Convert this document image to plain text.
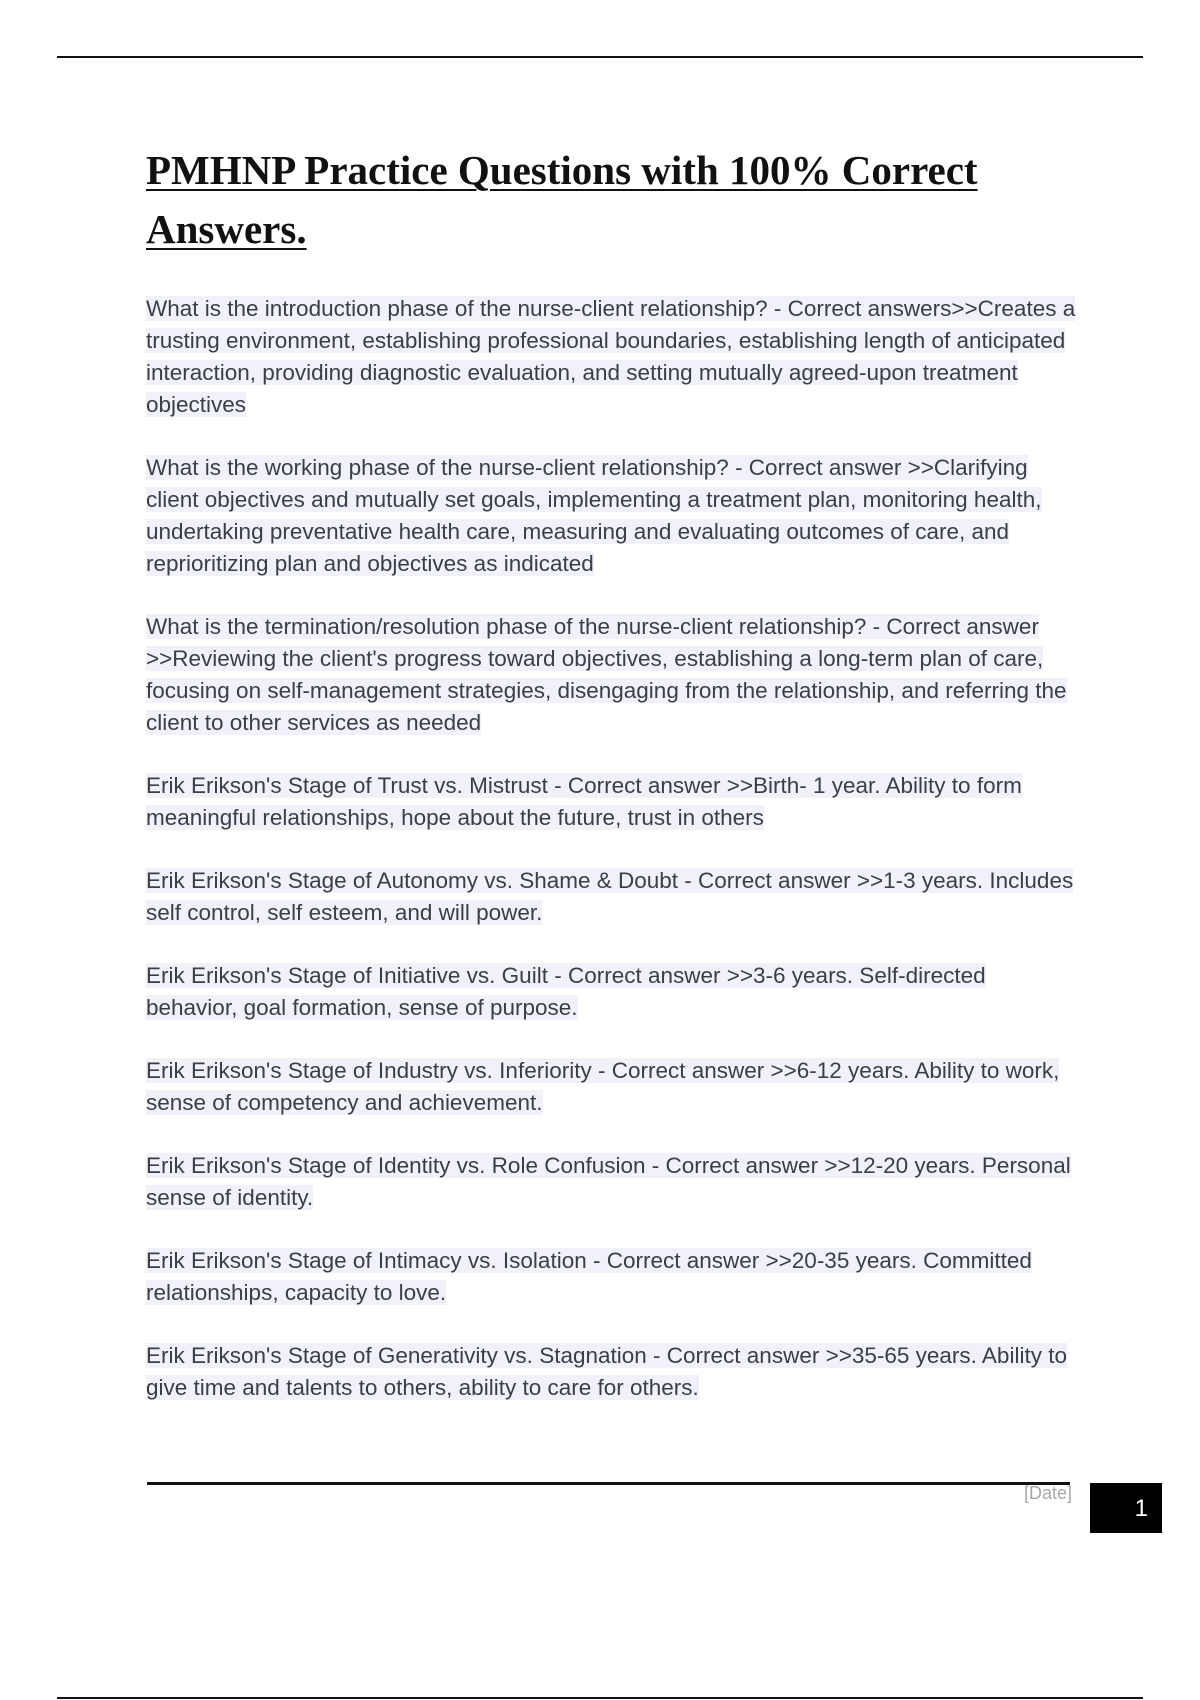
PMHNP Practice Questions with 100% Correct Answers.

What is the introduction phase of the nurse-client relationship? - Correct answers>>Creates a trusting environment, establishing professional boundaries, establishing length of anticipated interaction, providing diagnostic evaluation, and setting mutually agreed-upon treatment objectives

What is the working phase of the nurse-client relationship? - Correct answer >>Clarifying client objectives and mutually set goals, implementing a treatment plan, monitoring health, undertaking preventative health care, measuring and evaluating outcomes of care, and reprioritizing plan and objectives as indicated

What is the termination/resolution phase of the nurse-client relationship? - Correct answer >>Reviewing the client's progress toward objectives, establishing a long-term plan of care, focusing on self-management strategies, disengaging from the relationship, and referring the client to other services as needed

Erik Erikson's Stage of Trust vs. Mistrust - Correct answer >>Birth- 1 year. Ability to form meaningful relationships, hope about the future, trust in others

Erik Erikson's Stage of Autonomy vs. Shame & Doubt - Correct answer >>1-3 years. Includes self control, self esteem, and will power.

Erik Erikson's Stage of Initiative vs. Guilt - Correct answer >>3-6 years. Self-directed behavior, goal formation, sense of purpose.

Erik Erikson's Stage of Industry vs. Inferiority - Correct answer >>6-12 years. Ability to work, sense of competency and achievement.

Erik Erikson's Stage of Identity vs. Role Confusion - Correct answer >>12-20 years. Personal sense of identity.

Erik Erikson's Stage of Intimacy vs. Isolation - Correct answer >>20-35 years. Committed relationships, capacity to love.

Erik Erikson's Stage of Generativity vs. Stagnation - Correct answer >>35-65 years. Ability to give time and talents to others, ability to care for others.

[Date]
1
